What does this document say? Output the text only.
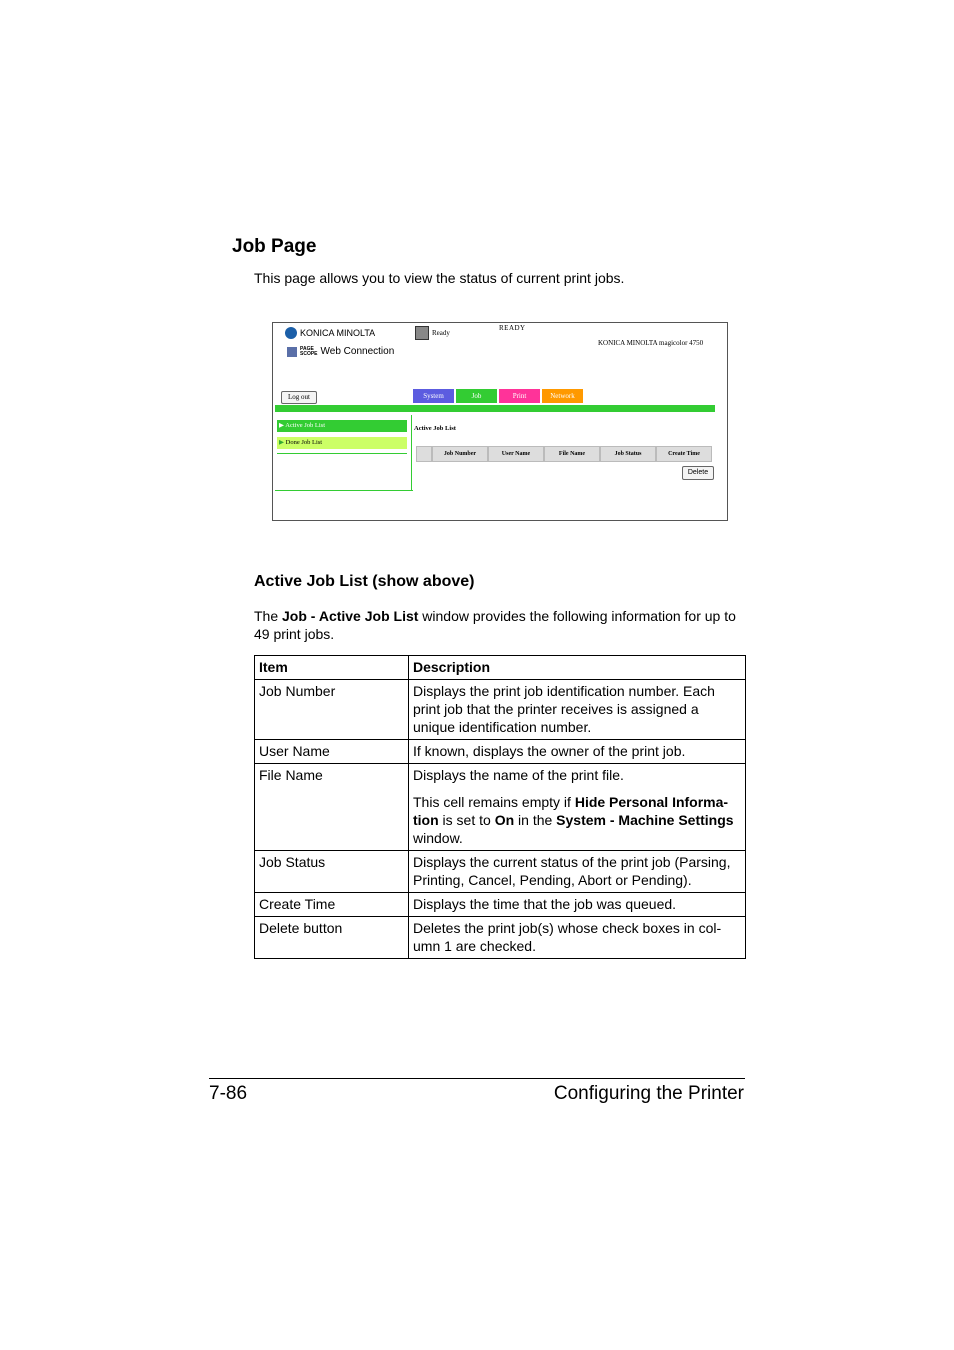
Job Page
This page allows you to view the status of current print jobs.
KONICA MINOLTA
PAGE
SCOPE Web Connection
Ready
READY
KONICA MINOLTA magicolor 4750
Log out	System	Job	Print	Network
▶ Active Job List
▶ Done Job List
Active Job List
Job Number	User Name	File Name	Job Status	Create Time
Delete
Active Job List (show above)
The Job - Active Job List window provides the following information for up to 49 print jobs.
Item	Description
Job Number	Displays the print job identification number. Each print job that the printer receives is assigned a unique identification number.
User Name	If known, displays the owner of the print job.
File Name	Displays the name of the print file.

This cell remains empty if Hide Personal Informa-tion is set to On in the System - Machine Settings window.

Job Status	Displays the current status of the print job (Parsing, Printing, Cancel, Pending, Abort or Pending).
Create Time	Displays the time that the job was queued.
Delete button	Deletes the print job(s) whose check boxes in col-umn 1 are checked.
7-86	Configuring the Printer
